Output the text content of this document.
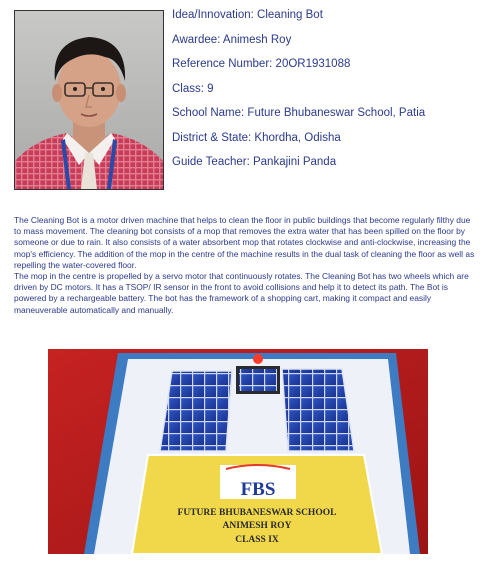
Idea/Innovation: Cleaning Bot
Awardee: Animesh Roy
Reference Number: 20OR1931088
Class: 9
School Name: Future Bhubaneswar School, Patia
District & State: Khordha, Odisha
Guide Teacher: Pankajini Panda

The Cleaning Bot is a motor driven machine that helps to clean the floor in public buildings that become regularly filthy due to mass movement. The cleaning bot consists of a mop that removes the extra water that has been spilled on the floor by someone or due to rain. It also consists of a water absorbent mop that rotates clockwise and anti-clockwise, increasing the mop's efficiency. The addition of the mop in the centre of the machine results in the dual task of cleaning the floor as well as repelling the water-covered floor.

The mop in the centre is propelled by a servo motor that continuously rotates. The Cleaning Bot has two wheels which are driven by DC motors. It has a TSOP/ IR sensor in the front to avoid collisions and help it to detect its path. The Bot is powered by a rechargeable battery. The bot has the framework of a shopping cart, making it compact and easily maneuverable automatically and manually.

FBS
FUTURE BHUBANESWAR SCHOOL
ANIMESH ROY
CLASS IX
